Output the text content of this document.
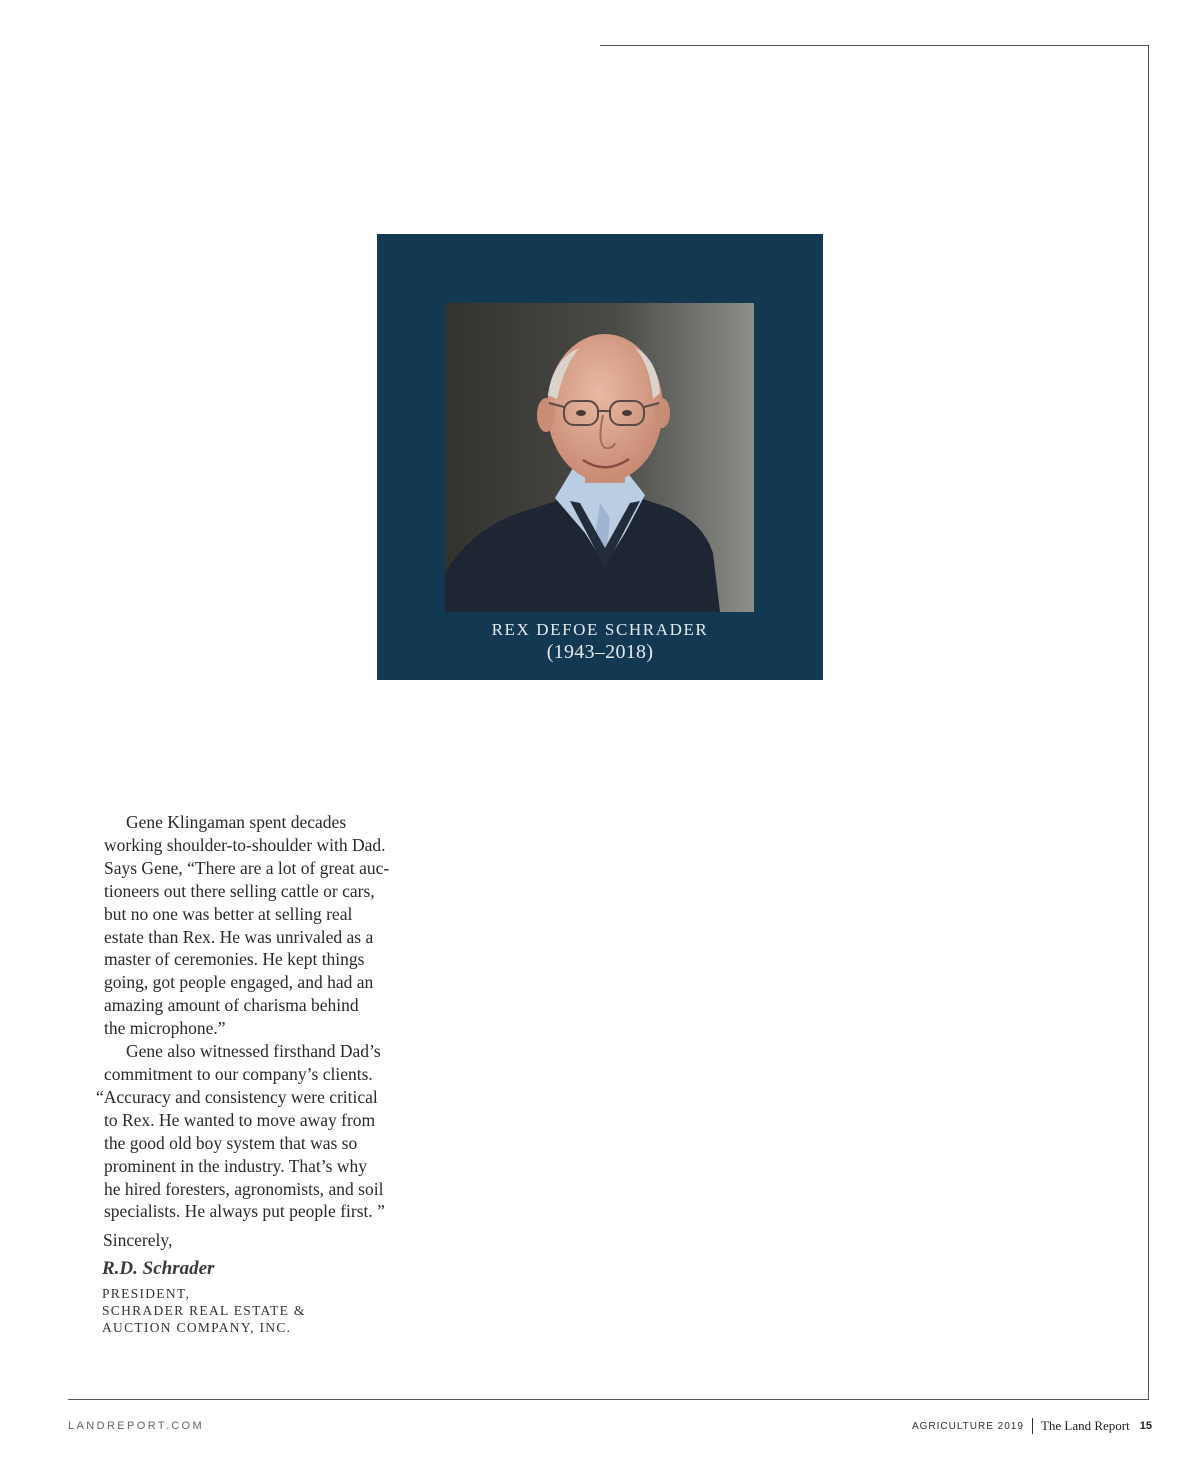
REX DEFOE SCHRADER
(1943–2018)
Gene Klingaman spent decades
working shoulder-to-shoulder with Dad.
Says Gene, “There are a lot of great auc-
tioneers out there selling cattle or cars,
but no one was better at selling real
estate than Rex. He was unrivaled as a
master of ceremonies. He kept things
going, got people engaged, and had an
amazing amount of charisma behind
the microphone.”
Gene also witnessed firsthand Dad’s
commitment to our company’s clients.
“Accuracy and consistency were critical
to Rex. He wanted to move away from
the good old boy system that was so
prominent in the industry. That’s why
he hired foresters, agronomists, and soil
specialists. He always put people first. ”
Sincerely,
R.D. Schrader
PRESIDENT,
SCHRADER REAL ESTATE &
AUCTION COMPANY, INC.
LANDREPORT.COM	AGRICULTURE 2019 The Land Report 15
